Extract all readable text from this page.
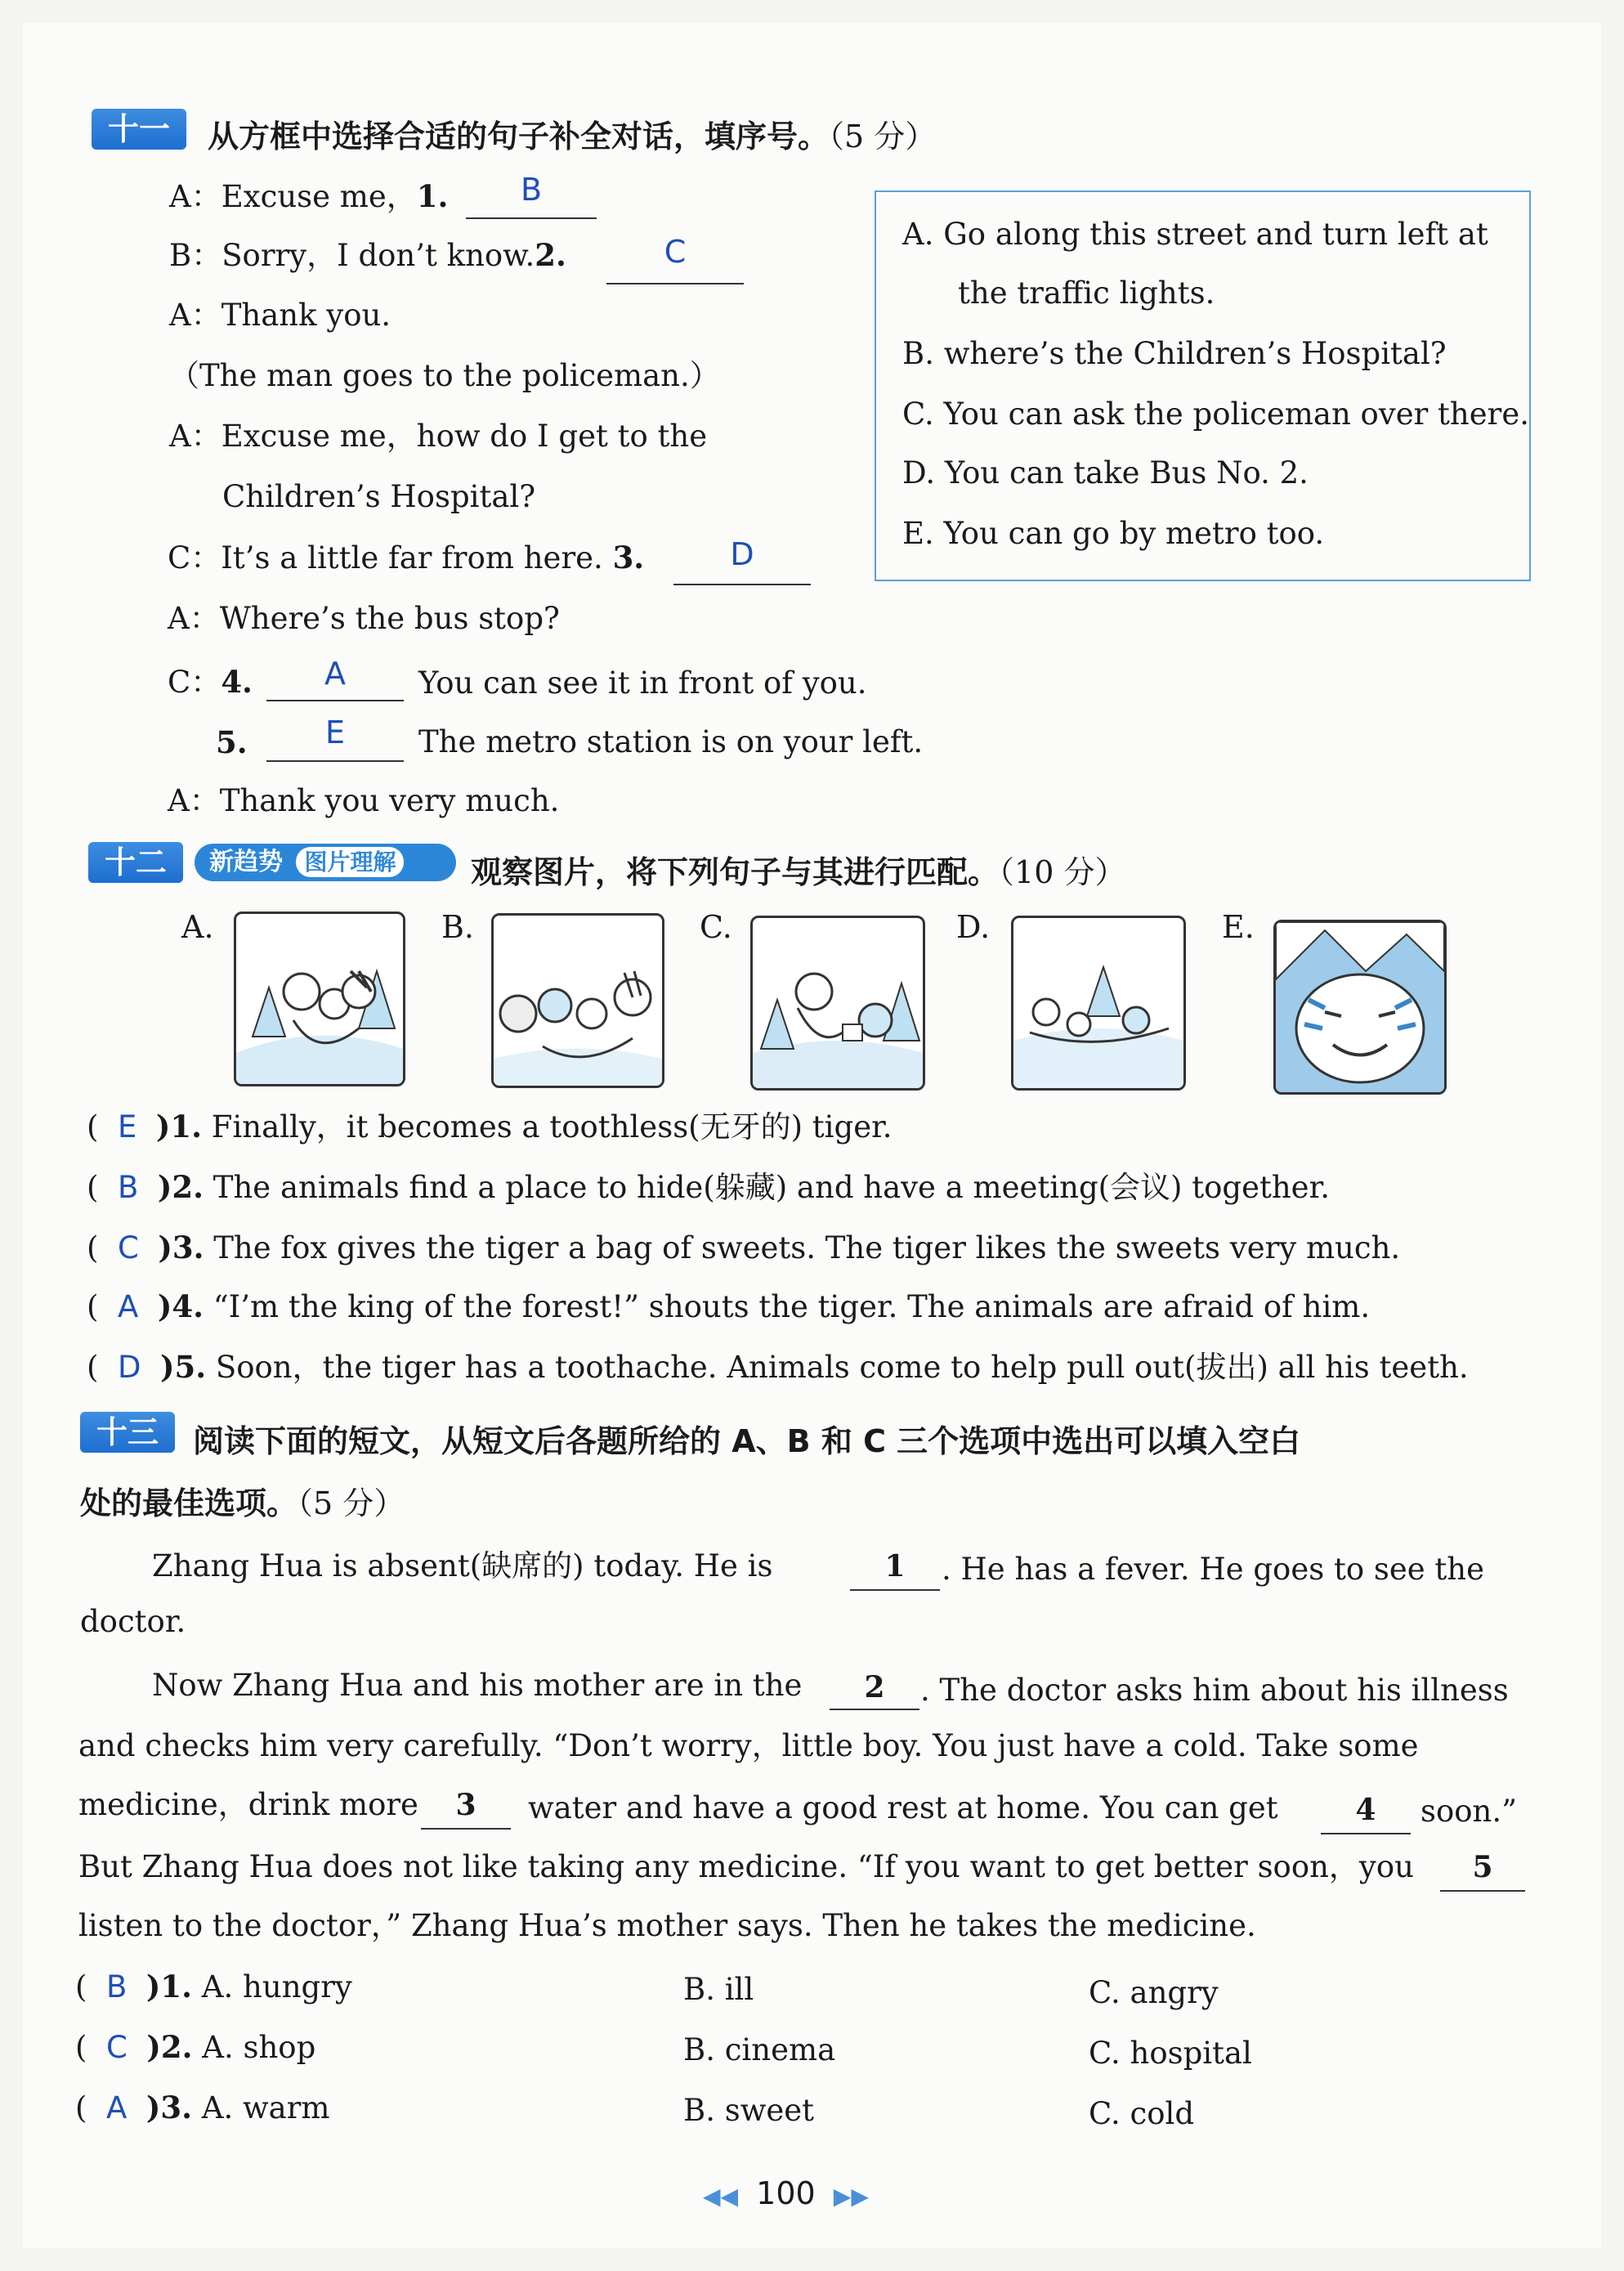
十一	从方框中选择合适的句子补全对话，填序号。（5 分）
A：Excuse me，1.	B
B：Sorry，I don’t know.2.	C
A：Thank you.
（The man goes to the policeman.）
A：Excuse me，how do I get to the
Children’s Hospital?
C：It’s a little far from here. 3.	D
A：Where’s the bus stop?
C：4.	A	You can see it in front of you.
5.	E	The metro station is on your left.
A：Thank you very much.
A. Go along this street and turn left at
the traffic lights.
B. where’s the Children’s Hospital?
C. You can ask the policeman over there.
D. You can take Bus No. 2.
E. You can go by metro too.
十二	新趋势 图片理解	观察图片，将下列句子与其进行匹配。（10 分）
A.	B.	C.	D.	E.
(  E )1. Finally，it becomes a toothless(无牙的) tiger.
(  B )2. The animals find a place to hide(躲藏) and have a meeting(会议) together.
(  C )3. The fox gives the tiger a bag of sweets. The tiger likes the sweets very much.
(  A )4. “I’m the king of the forest!” shouts the tiger. The animals are afraid of him.
(  D )5. Soon，the tiger has a toothache. Animals come to help pull out(拔出) all his teeth.
十三	阅读下面的短文，从短文后各题所给的 A、B 和 C 三个选项中选出可以填入空白
处的最佳选项。（5 分）
Zhang Hua is absent(缺席的) today. He is	1	. He has a fever. He goes to see the
doctor.
Now Zhang Hua and his mother are in the	2	. The doctor asks him about his illness
and checks him very carefully. “Don’t worry，little boy. You just have a cold. Take some
medicine，drink more	3	water and have a good rest at home. You can get	4	soon.”
But Zhang Hua does not like taking any medicine. “If you want to get better soon，you	5
listen to the doctor，” Zhang Hua’s mother says. Then he takes the medicine.
(  B )1. A. hungry	B. ill	C. angry
(  C )2. A. shop	B. cinema	C. hospital
(  A )3. A. warm	B. sweet	C. cold
◀◀ 100 ▶▶
